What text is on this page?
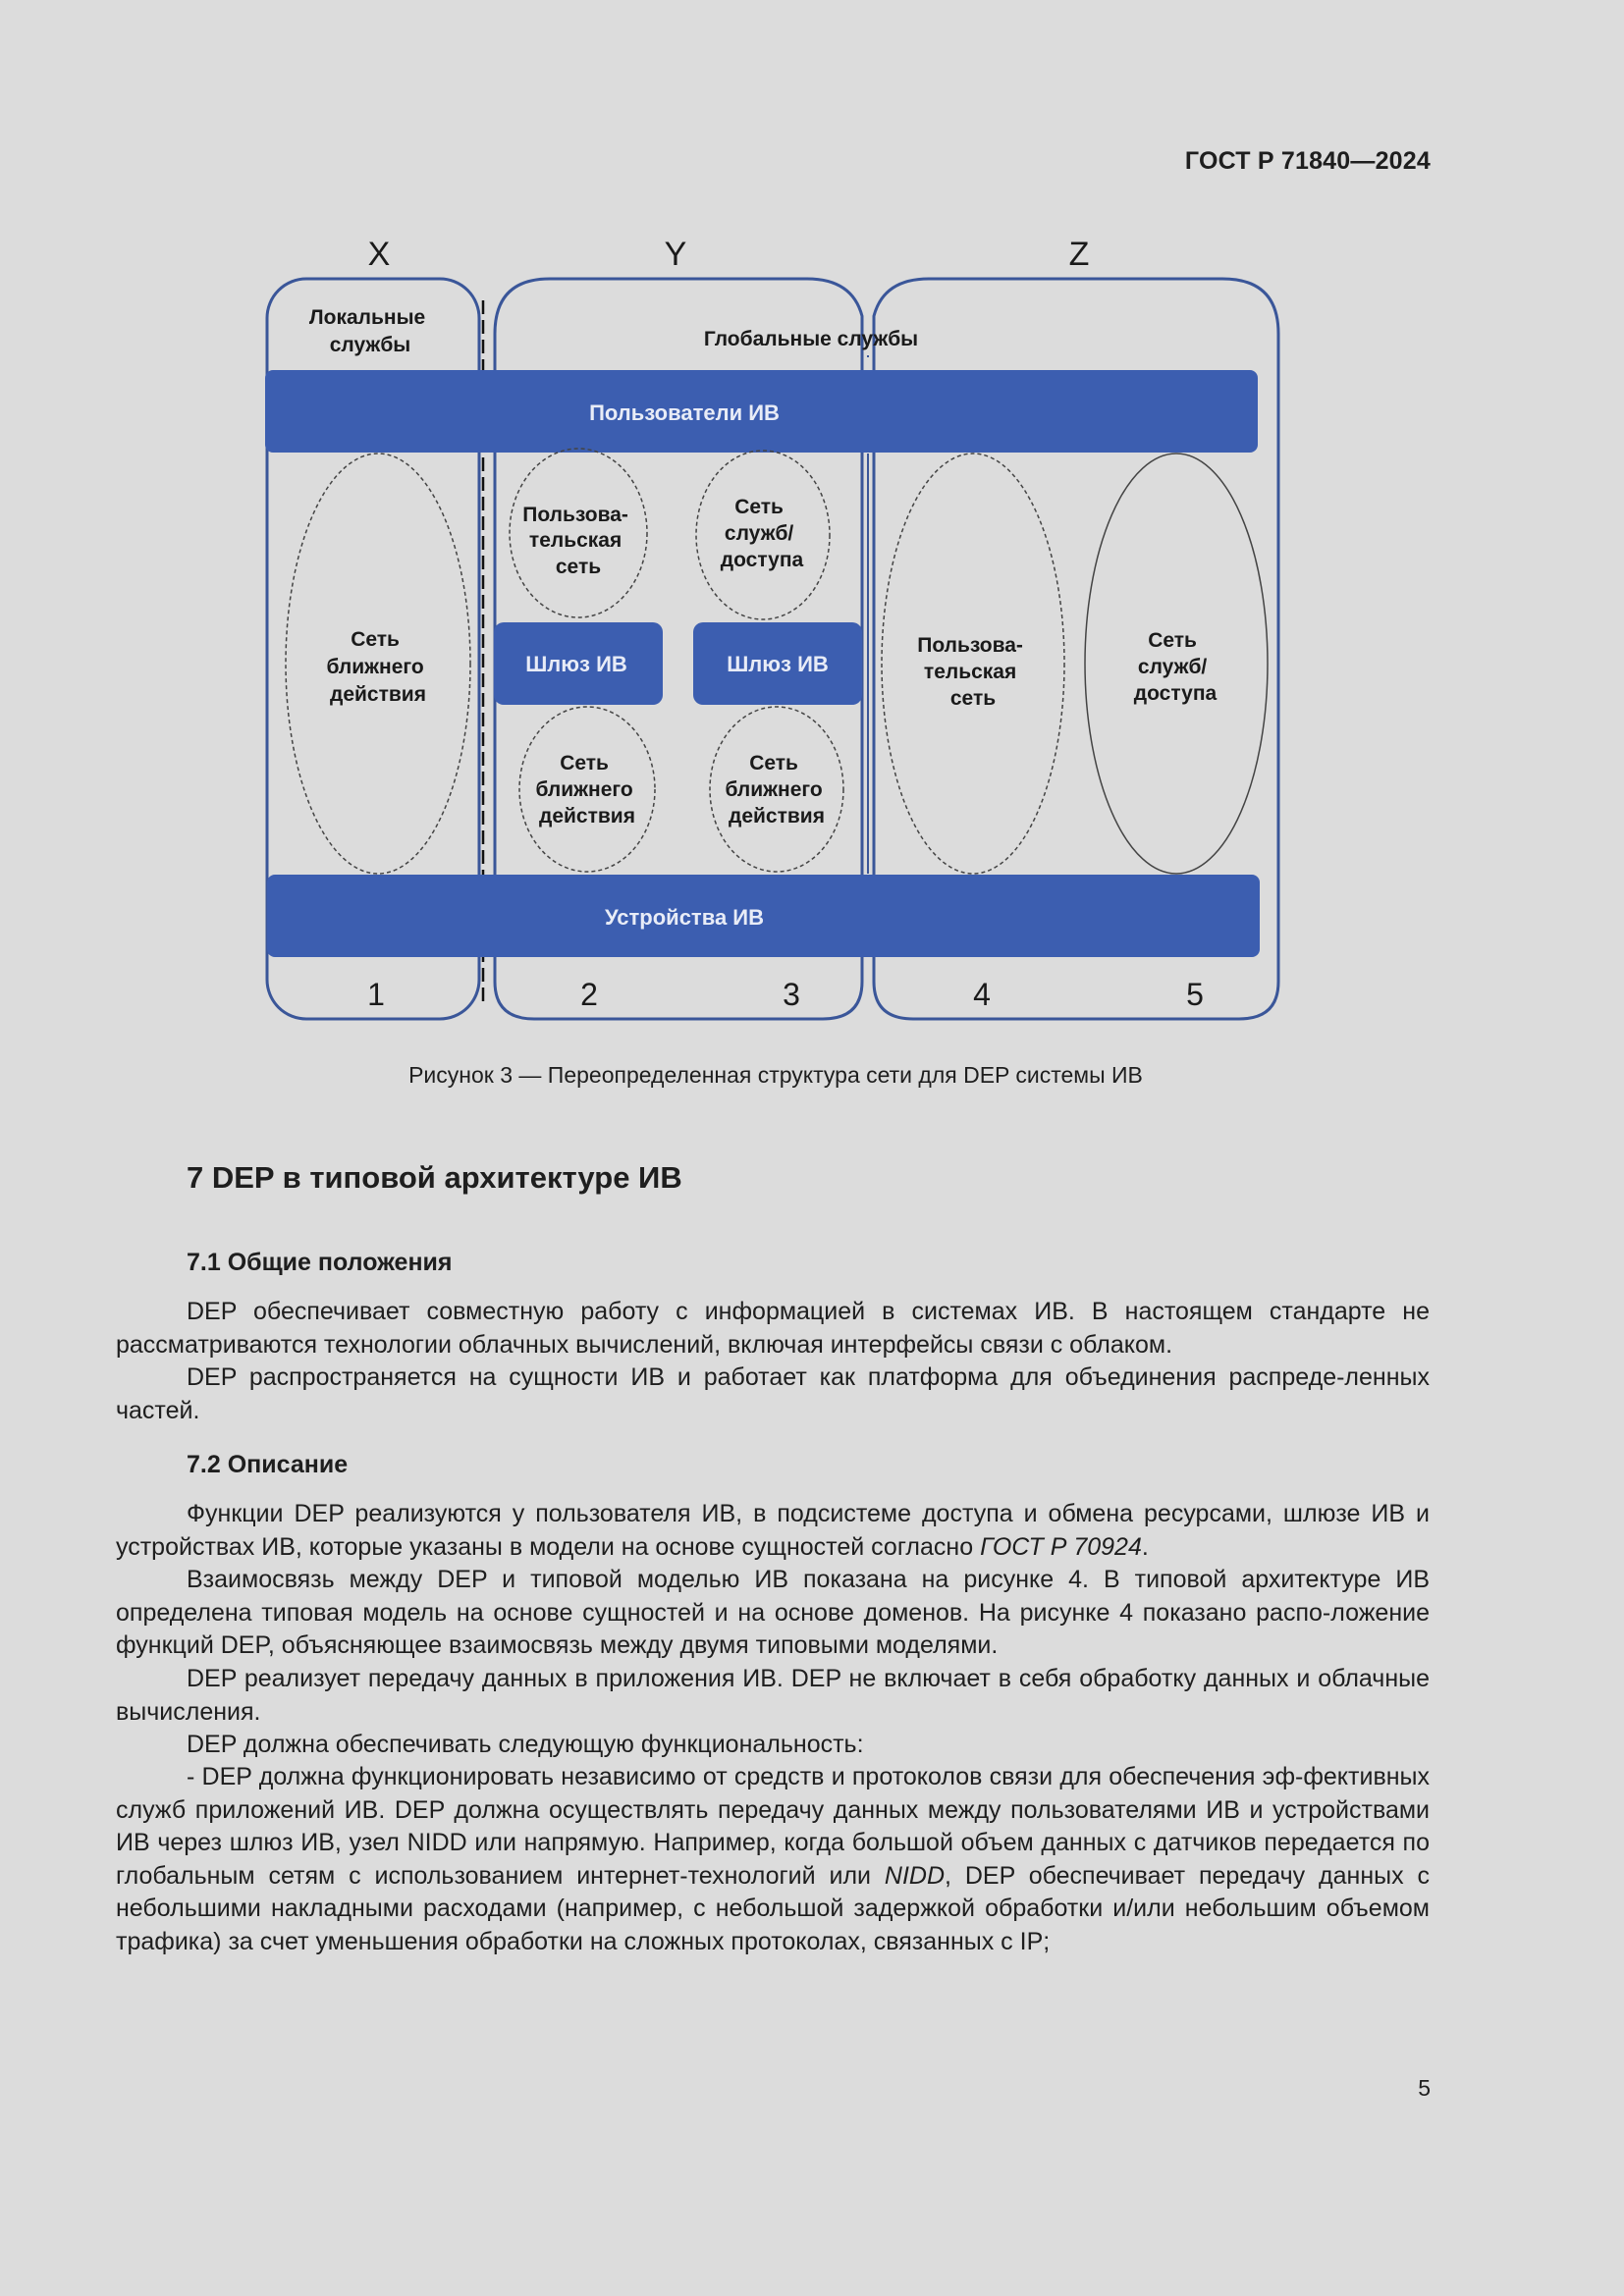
ГОСТ Р 71840—2024
X	Y	Z
Локальные службы	Глобальные службы
Пользователи ИВ
Устройства ИВ
Шлюз ИВ	Шлюз ИВ
Сеть ближнего действия
Пользова- тельская сеть
Сеть служб/ доступа
Сеть ближнего действия
Сеть ближнего действия
Пользова- тельская сеть
Сеть служб/ доступа
1	2	3	4	5
Рисунок 3 — Переопределенная структура сети для DEP системы ИВ
7 DEP в типовой архитектуре ИВ
7.1 Общие положения

DEP обеспечивает совместную работу с информацией в системах ИВ. В настоящем стандарте не рассматриваются технологии облачных вычислений, включая интерфейсы связи с облаком.

DEP распространяется на сущности ИВ и работает как платформа для объединения распреде-ленных частей.

7.2 Описание

Функции DEP реализуются у пользователя ИВ, в подсистеме доступа и обмена ресурсами, шлюзе ИВ и устройствах ИВ, которые указаны в модели на основе сущностей согласно ГОСТ Р 70924.

Взаимосвязь между DEP и типовой моделью ИВ показана на рисунке 4. В типовой архитектуре ИВ определена типовая модель на основе сущностей и на основе доменов. На рисунке 4 показано распо-ложение функций DEP, объясняющее взаимосвязь между двумя типовыми моделями.

DEP реализует передачу данных в приложения ИВ. DEP не включает в себя обработку данных и облачные вычисления.

DEP должна обеспечивать следующую функциональность:

- DEP должна функционировать независимо от средств и протоколов связи для обеспечения эф-фективных служб приложений ИВ. DEP должна осуществлять передачу данных между пользователями ИВ и устройствами ИВ через шлюз ИВ, узел NIDD или напрямую. Например, когда большой объем данных с датчиков передается по глобальным сетям с использованием интернет-технологий или NIDD, DEP обеспечивает передачу данных с небольшими накладными расходами (например, с небольшой задержкой обработки и/или небольшим объемом трафика) за счет уменьшения обработки на сложных протоколах, связанных с IP;

5
